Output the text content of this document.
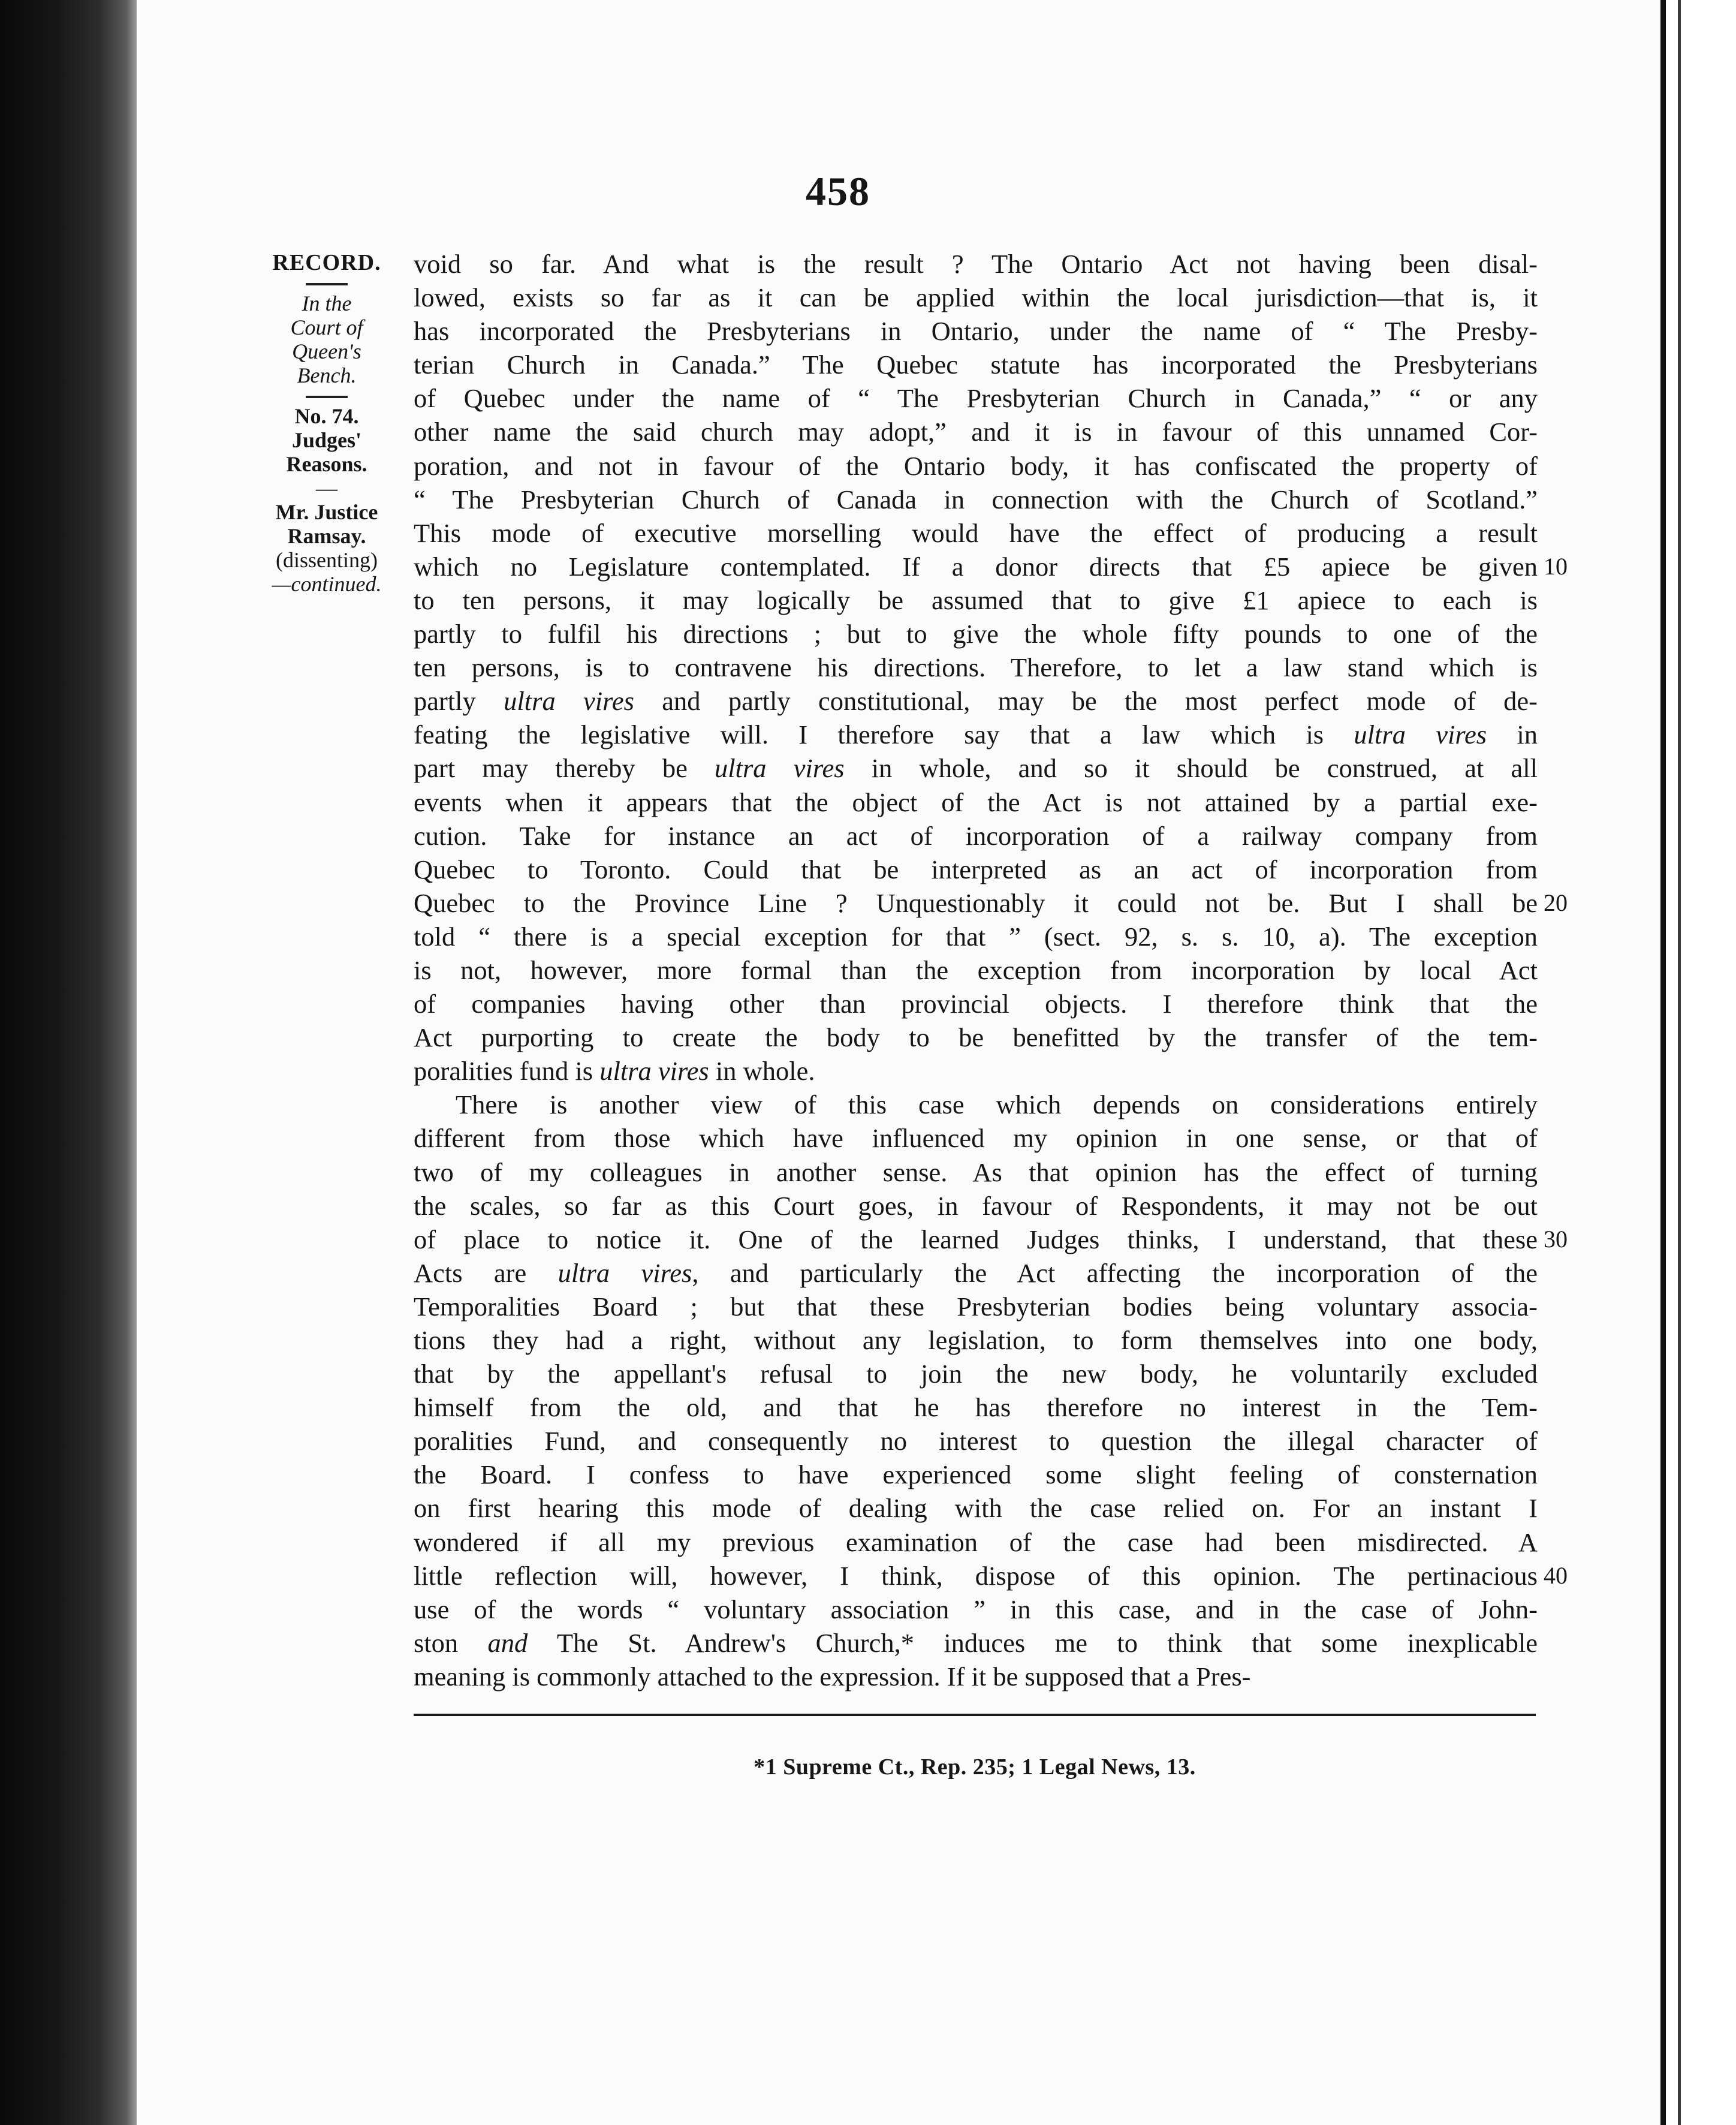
458
RECORD.
In the
Court of
Queen's
Bench.
No. 74.
Judges'
Reasons.
—
Mr. Justice
Ramsay.
(dissenting)
—continued.
void so far. And what is the result ? The Ontario Act not having been disal-
lowed, exists so far as it can be applied within the local jurisdiction—that is, it
has incorporated the Presbyterians in Ontario, under the name of “ The Presby-
terian Church in Canada.” The Quebec statute has incorporated the Presbyterians
of Quebec under the name of “ The Presbyterian Church in Canada,” “ or any
other name the said church may adopt,” and it is in favour of this unnamed Cor-
poration, and not in favour of the Ontario body, it has confiscated the property of
“ The Presbyterian Church of Canada in connection with the Church of Scotland.”
This mode of executive morselling would have the effect of producing a result
which no Legislature contemplated. If a donor directs that £5 apiece be given
to ten persons, it may logically be assumed that to give £1 apiece to each is
partly to fulfil his directions ; but to give the whole fifty pounds to one of the
ten persons, is to contravene his directions. Therefore, to let a law stand which is
partly ultra vires and partly constitutional, may be the most perfect mode of de-
feating the legislative will. I therefore say that a law which is ultra vires in
part may thereby be ultra vires in whole, and so it should be construed, at all
events when it appears that the object of the Act is not attained by a partial exe-
cution. Take for instance an act of incorporation of a railway company from
Quebec to Toronto. Could that be interpreted as an act of incorporation from
Quebec to the Province Line ? Unquestionably it could not be. But I shall be
told “ there is a special exception for that ” (sect. 92, s. s. 10, a). The exception
is not, however, more formal than the exception from incorporation by local Act
of companies having other than provincial objects. I therefore think that the
Act purporting to create the body to be benefitted by the transfer of the tem-
poralities fund is ultra vires in whole.
There is another view of this case which depends on considerations entirely
different from those which have influenced my opinion in one sense, or that of
two of my colleagues in another sense. As that opinion has the effect of turning
the scales, so far as this Court goes, in favour of Respondents, it may not be out
of place to notice it. One of the learned Judges thinks, I understand, that these
Acts are ultra vires, and particularly the Act affecting the incorporation of the
Temporalities Board ; but that these Presbyterian bodies being voluntary associa-
tions they had a right, without any legislation, to form themselves into one body,
that by the appellant's refusal to join the new body, he voluntarily excluded
himself from the old, and that he has therefore no interest in the Tem-
poralities Fund, and consequently no interest to question the illegal character of
the Board. I confess to have experienced some slight feeling of consternation
on first hearing this mode of dealing with the case relied on. For an instant I
wondered if all my previous examination of the case had been misdirected. A
little reflection will, however, I think, dispose of this opinion. The pertinacious
use of the words “ voluntary association ” in this case, and in the case of John-
ston and The St. Andrew's Church,* induces me to think that some inexplicable
meaning is commonly attached to the expression. If it be supposed that a Pres-
10
20
30
40
*1 Supreme Ct., Rep. 235; 1 Legal News, 13.
